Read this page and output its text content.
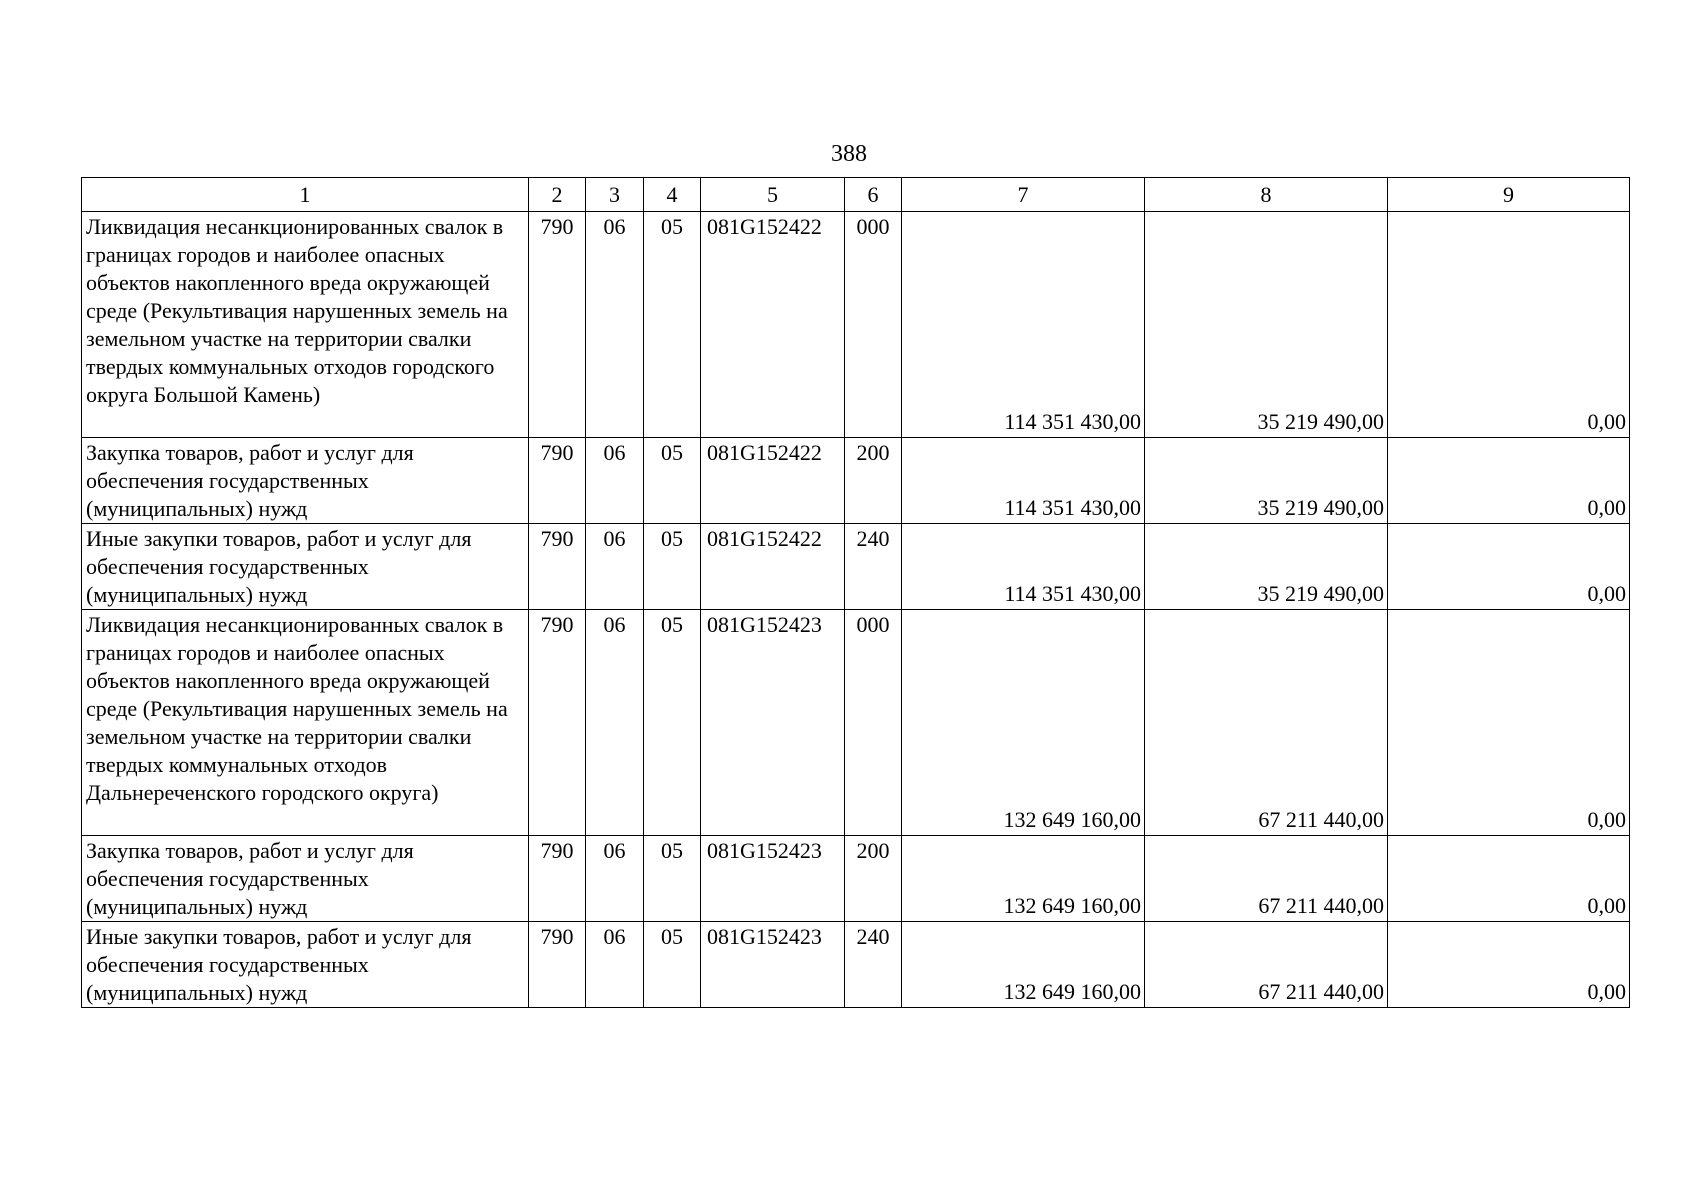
388
1	2	3	4	5	6	7	8	9
Ликвидация несанкционированных свалок в границах городов и наиболее опасных объектов накопленного вреда окружающей среде (Рекультивация нарушенных земель на земельном участке на территории свалки твердых коммунальных отходов городского округа Большой Камень)	790	06	05	081G152422	000	114 351 430,00	35 219 490,00	0,00
Закупка товаров, работ и услуг для обеспечения государственных (муниципальных) нужд	790	06	05	081G152422	200	114 351 430,00	35 219 490,00	0,00
Иные закупки товаров, работ и услуг для обеспечения государственных (муниципальных) нужд	790	06	05	081G152422	240	114 351 430,00	35 219 490,00	0,00
Ликвидация несанкционированных свалок в границах городов и наиболее опасных объектов накопленного вреда окружающей среде (Рекультивация нарушенных земель на земельном участке на территории свалки твердых коммунальных отходов Дальнереченского городского округа)	790	06	05	081G152423	000	132 649 160,00	67 211 440,00	0,00
Закупка товаров, работ и услуг для обеспечения государственных (муниципальных) нужд	790	06	05	081G152423	200	132 649 160,00	67 211 440,00	0,00
Иные закупки товаров, работ и услуг для обеспечения государственных (муниципальных) нужд	790	06	05	081G152423	240	132 649 160,00	67 211 440,00	0,00
